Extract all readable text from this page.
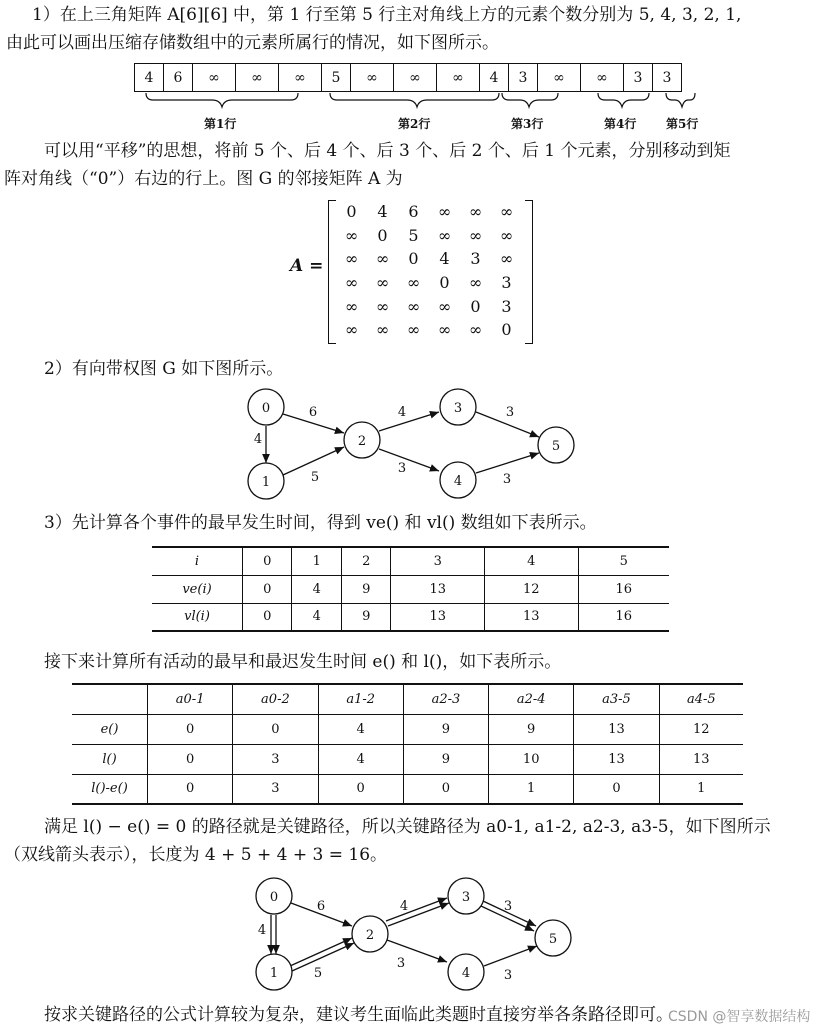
1）在上三角矩阵 A[6][6] 中，第 1 行至第 5 行主对角线上方的元素个数分别为 5, 4, 3, 2, 1,
由此可以画出压缩存储数组中的元素所属行的情况，如下图所示。
4	6	∞	∞	∞	5	∞	∞	∞	4	3	∞	∞	3	3
第1行	第2行	第3行	第4行 第5行
可以用“平移”的思想，将前 5 个、后 4 个、后 3 个、后 2 个、后 1 个元素，分别移动到矩
阵对角线（“0”）右边的行上。图 G 的邻接矩阵 A 为
A =
0	4	6	∞	∞	∞
∞	0	5	∞	∞	∞
∞	∞	0	4	3	∞
∞	∞	∞	0	∞	3
∞	∞	∞	∞	0	3
∞	∞	∞	∞	∞	0
2）有向带权图 G 如下图所示。
0
1
2
3
4
5
4
6
5
4
3
3
3
3）先计算各个事件的最早发生时间，得到 ve() 和 vl() 数组如下表所示。
i	0	1	2	3	4	5
ve(i)	0	4	9	13	12	16
vl(i)	0	4	9	13	13	16
接下来计算所有活动的最早和最迟发生时间 e() 和 l()，如下表所示。
	a0-1	a0-2	a1-2	a2-3	a2-4	a3-5	a4-5
e()	0	0	4	9	9	13	12
l()	0	3	4	9	10	13	13
l()-e()	0	3	0	0	1	0	1
满足 l() − e() = 0 的路径就是关键路径，所以关键路径为 a0-1, a1-2, a2-3, a3-5，如下图所示
（双线箭头表示），长度为 4 + 5 + 4 + 3 = 16。
0
1
2
3
4
5
4
6
5
4
3
3
3
按求关键路径的公式计算较为复杂，建议考生面临此类题时直接穷举各条路径即可。
CSDN @智享数据结构
